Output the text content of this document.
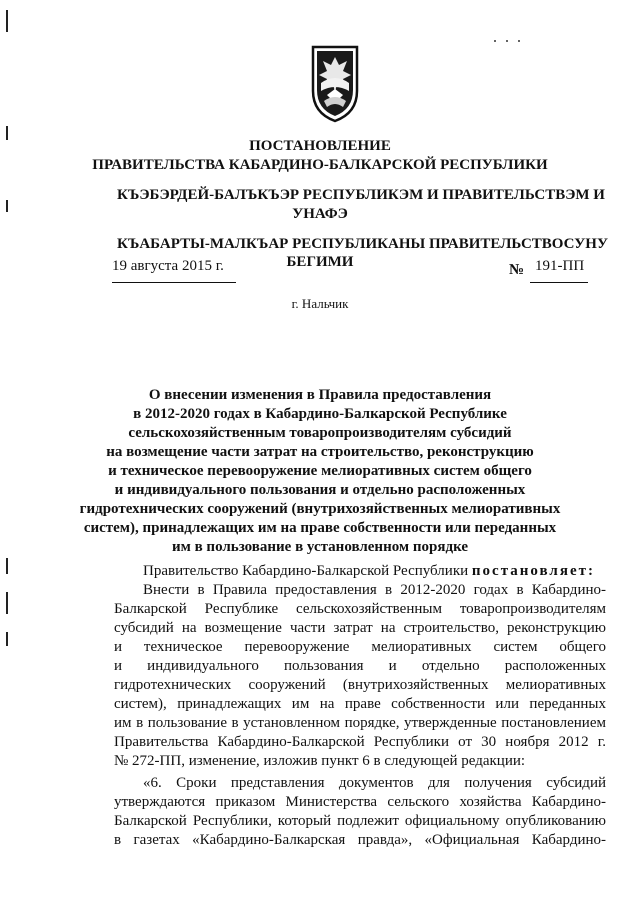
ПОСТАНОВЛЕНИЕ
ПРАВИТЕЛЬСТВА КАБАРДИНО-БАЛКАРСКОЙ РЕСПУБЛИКИ
КЪЭБЭРДЕЙ-БАЛЪКЪЭР РЕСПУБЛИКЭМ И ПРАВИТЕЛЬСТВЭМ И
УНАФЭ
КЪАБАРТЫ-МАЛКЪАР РЕСПУБЛИКАНЫ ПРАВИТЕЛЬСТВОСУНУ
БЕГИМИ
19 августа 2015 г.	№ 191-ПП
г. Нальчик
О внесении изменения в Правила предоставления
в 2012-2020 годах в Кабардино-Балкарской Республике
сельскохозяйственным товаропроизводителям субсидий
на возмещение части затрат на строительство, реконструкцию
и техническое перевооружение мелиоративных систем общего
и индивидуального пользования и отдельно расположенных
гидротехнических сооружений (внутрихозяйственных мелиоративных
систем), принадлежащих им на праве собственности или переданных
им в пользование в установленном порядке
Правительство Кабардино-Балкарской Республики постановляет:
Внести в Правила предоставления в 2012-2020 годах в Кабардино-
Балкарской Республике сельскохозяйственным товаропроизводителям
субсидий на возмещение части затрат на строительство, реконструкцию
и техническое перевооружение мелиоративных систем общего
и индивидуального пользования и отдельно расположенных
гидротехнических сооружений (внутрихозяйственных мелиоративных
систем), принадлежащих им на праве собственности или переданных
им в пользование в установленном порядке, утвержденные постановлением
Правительства Кабардино-Балкарской Республики от 30 ноября 2012 г.
№ 272-ПП, изменение, изложив пункт 6 в следующей редакции:
«6. Сроки представления документов для получения субсидий
утверждаются приказом Министерства сельского хозяйства Кабардино-
Балкарской Республики, который подлежит официальному опубликованию
в газетах «Кабардино-Балкарская правда», «Официальная Кабардино-
